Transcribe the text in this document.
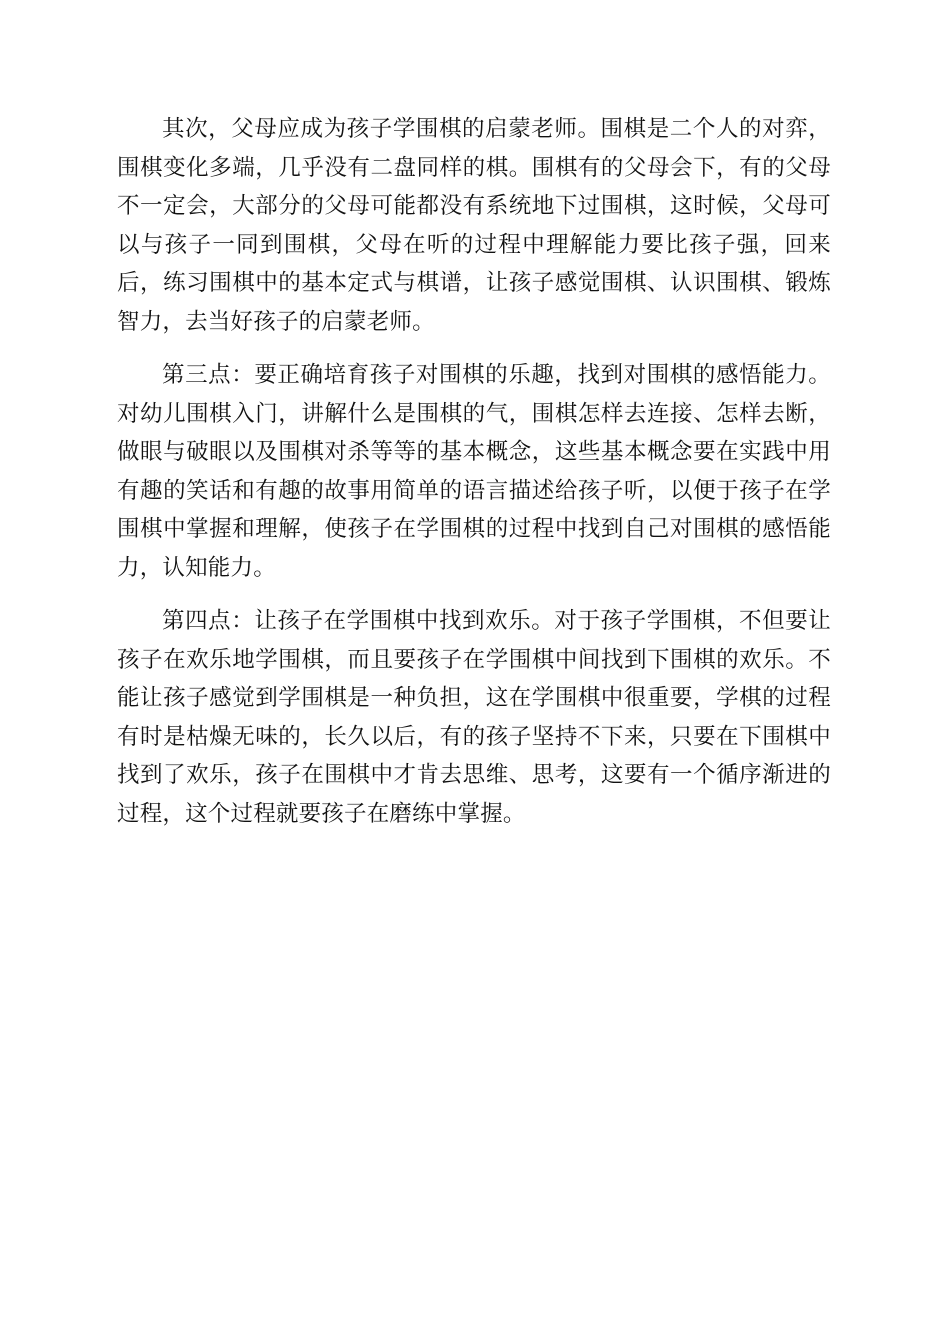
其次，父母应成为孩子学围棋的启蒙老师。围棋是二个人的对弈，围棋变化多端，几乎没有二盘同样的棋。围棋有的父母会下，有的父母不一定会，大部分的父母可能都没有系统地下过围棋，这时候，父母可以与孩子一同到围棋，父母在听的过程中理解能力要比孩子强，回来后，练习围棋中的基本定式与棋谱，让孩子感觉围棋、认识围棋、锻炼智力，去当好孩子的启蒙老师。

第三点：要正确培育孩子对围棋的乐趣，找到对围棋的感悟能力。对幼儿围棋入门，讲解什么是围棋的气，围棋怎样去连接、怎样去断，做眼与破眼以及围棋对杀等等的基本概念，这些基本概念要在实践中用有趣的笑话和有趣的故事用简单的语言描述给孩子听，以便于孩子在学围棋中掌握和理解，使孩子在学围棋的过程中找到自己对围棋的感悟能力，认知能力。

第四点：让孩子在学围棋中找到欢乐。对于孩子学围棋，不但要让孩子在欢乐地学围棋，而且要孩子在学围棋中间找到下围棋的欢乐。不能让孩子感觉到学围棋是一种负担，这在学围棋中很重要，学棋的过程有时是枯燥无味的，长久以后，有的孩子坚持不下来，只要在下围棋中找到了欢乐，孩子在围棋中才肯去思维、思考，这要有一个循序渐进的过程，这个过程就要孩子在磨练中掌握。
